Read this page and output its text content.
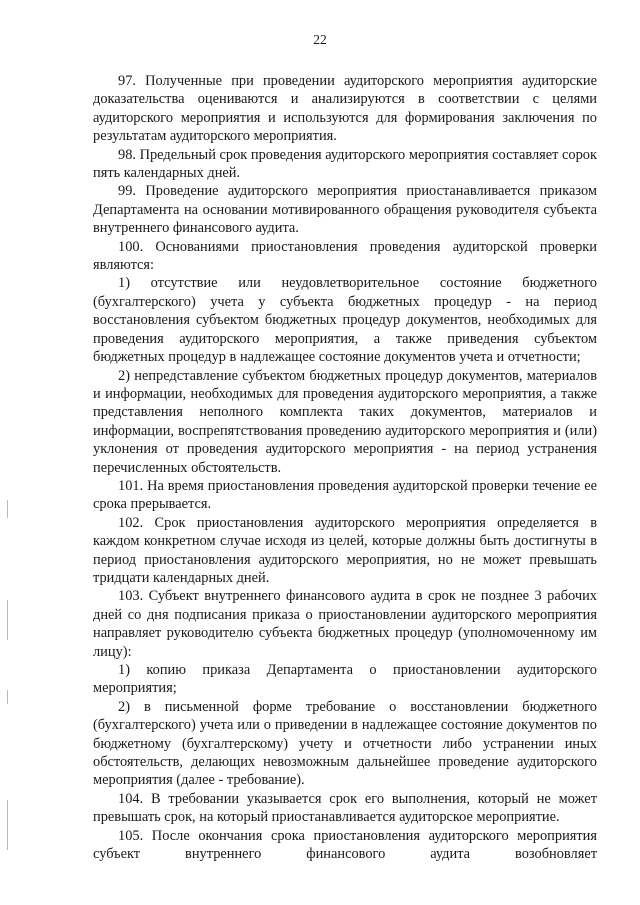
22

97. Полученные при проведении аудиторского мероприятия аудиторские доказательства оцениваются и анализируются в соответствии с целями аудиторского мероприятия и используются для формирования заключения по результатам аудиторского мероприятия.

98. Предельный срок проведения аудиторского мероприятия составляет сорок пять календарных дней.

99. Проведение аудиторского мероприятия приостанавливается приказом Департамента на основании мотивированного обращения руководителя субъекта внутреннего финансового аудита.

100. Основаниями приостановления проведения аудиторской проверки являются:

1) отсутствие или неудовлетворительное состояние бюджетного (бухгалтерского) учета у субъекта бюджетных процедур - на период восстановления субъектом бюджетных процедур документов, необходимых для проведения аудиторского мероприятия, а также приведения субъектом бюджетных процедур в надлежащее состояние документов учета и отчетности;

2) непредставление субъектом бюджетных процедур документов, материалов и информации, необходимых для проведения аудиторского мероприятия, а также представления неполного комплекта таких документов, материалов и информации, воспрепятствования проведению аудиторского мероприятия и (или) уклонения от проведения аудиторского мероприятия - на период устранения перечисленных обстоятельств.

101. На время приостановления проведения аудиторской проверки течение ее срока прерывается.

102. Срок приостановления аудиторского мероприятия определяется в каждом конкретном случае исходя из целей, которые должны быть достигнуты в период приостановления аудиторского мероприятия, но не может превышать тридцати календарных дней.

103. Субъект внутреннего финансового аудита в срок не позднее 3 рабочих дней со дня подписания приказа о приостановлении аудиторского мероприятия направляет руководителю субъекта бюджетных процедур (уполномоченному им лицу):

1) копию приказа Департамента о приостановлении аудиторского мероприятия;

2) в письменной форме требование о восстановлении бюджетного (бухгалтерского) учета или о приведении в надлежащее состояние документов по бюджетному (бухгалтерскому) учету и отчетности либо устранении иных обстоятельств, делающих невозможным дальнейшее проведение аудиторского мероприятия (далее - требование).

104. В требовании указывается срок его выполнения, который не может превышать срок, на который приостанавливается аудиторское мероприятие.

105. После окончания срока приостановления аудиторского мероприятия субъект внутреннего финансового аудита возобновляет
